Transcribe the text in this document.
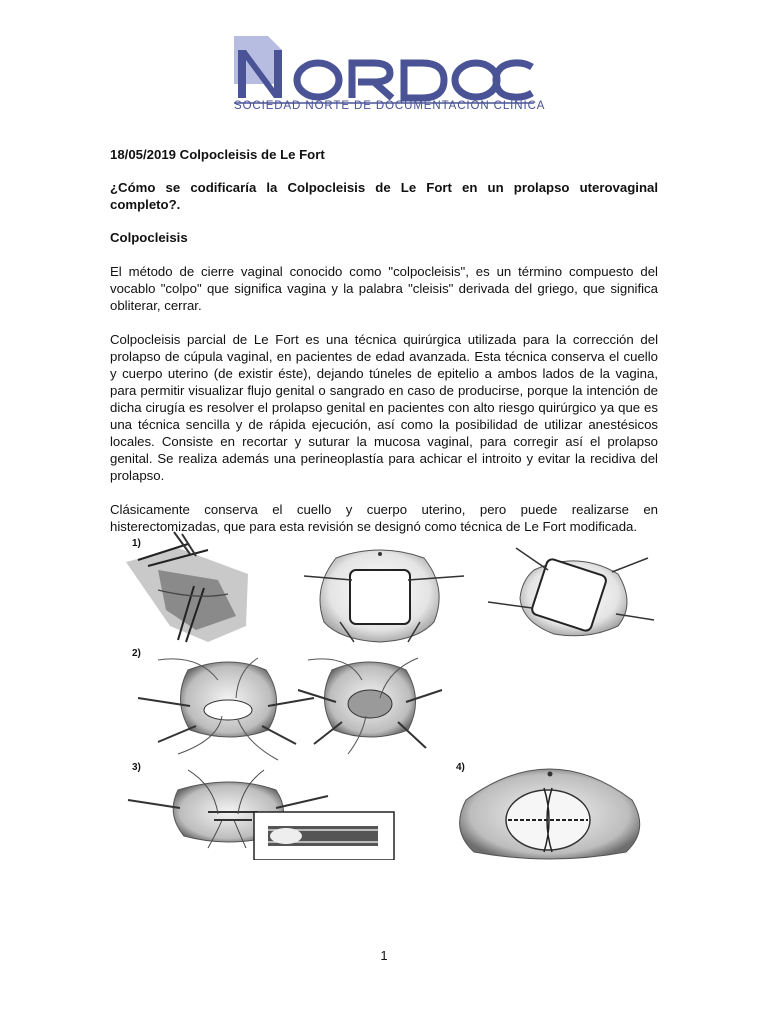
SOCIEDAD NORTE DE DOCUMENTACION CLINICA

18/05/2019 Colpocleisis de Le Fort

¿Cómo se codificaría la Colpocleisis de Le Fort en un prolapso uterovaginal completo?.

Colpocleisis

El método de cierre vaginal conocido como "colpocleisis", es un término compuesto del vocablo "colpo" que significa vagina y la palabra "cleisis" derivada del griego, que significa obliterar, cerrar.

Colpocleisis parcial de Le Fort es una técnica quirúrgica utilizada para la corrección del prolapso de cúpula vaginal, en pacientes de edad avanzada. Esta técnica conserva el cuello y cuerpo uterino (de existir éste), dejando túneles de epitelio a ambos lados de la vagina, para permitir visualizar flujo genital o sangrado en caso de producirse, porque la intención de dicha cirugía es resolver el prolapso genital en pacientes con alto riesgo quirúrgico ya que es una técnica sencilla y de rápida ejecución, así como la posibilidad de utilizar anestésicos locales. Consiste en recortar y suturar la mucosa vaginal, para corregir así el prolapso genital. Se realiza además una perineoplastía para achicar el introito y evitar la recidiva del prolapso.

Clásicamente conserva el cuello y cuerpo uterino, pero puede realizarse en histerectomizadas, que para esta revisión se designó como técnica de Le Fort modificada.

1)
2)
3)	4)
1
